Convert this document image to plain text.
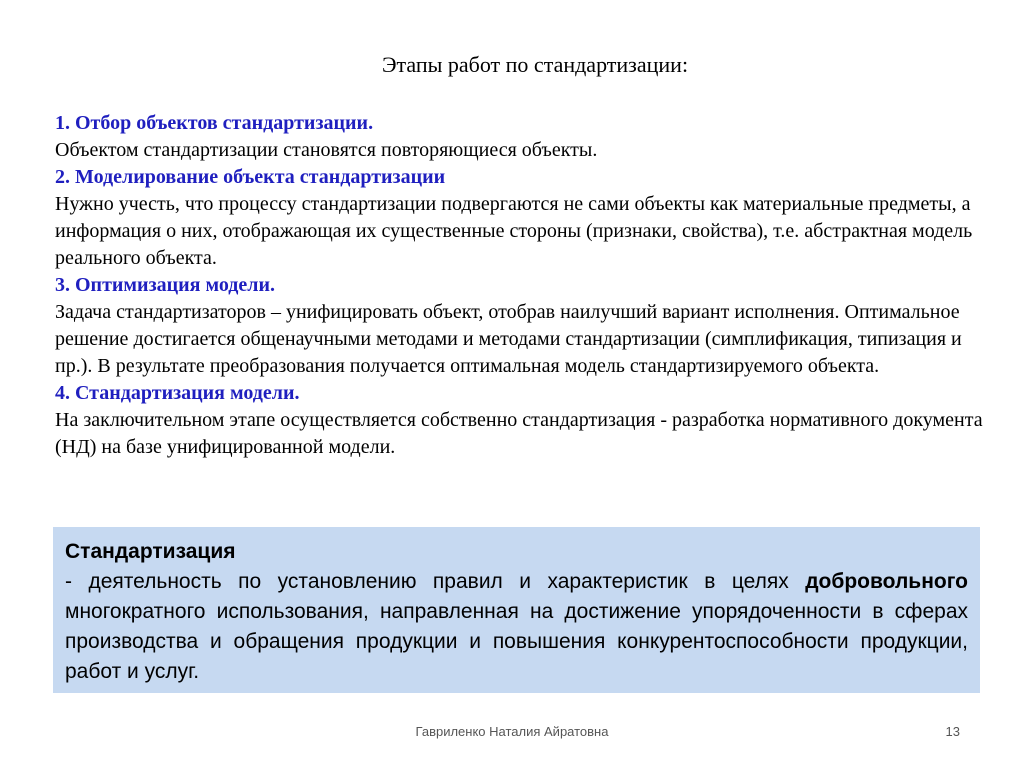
Этапы работ по стандартизации:

1. Отбор объектов стандартизации.

Объектом стандартизации становятся повторяющиеся объекты.

2. Моделирование объекта стандартизации

Нужно учесть, что процессу стандартизации подвергаются не сами объекты как материальные предметы, а информация о них, отображающая их существенные стороны (признаки, свойства), т.е. абстрактная модель реального объекта.

3. Оптимизация модели.

Задача стандартизаторов – унифицировать объект, отобрав наилучший вариант исполнения. Оптимальное решение достигается общенаучными методами и методами стандартизации (симплификация, типизация и пр.). В результате преобразования получается оптимальная модель стандартизируемого объекта.

4. Стандартизация модели.

На заключительном этапе осуществляется собственно стандартизация - разработка нормативного документа (НД) на базе унифицированной модели.

Стандартизация
- деятельность по установлению правил и характеристик в целях добровольного многократного использования, направленная на достижение упорядоченности в сферах производства и обращения продукции и повышения конкурентоспособности продукции, работ и услуг.
Гавриленко Наталия Айратовна	13
